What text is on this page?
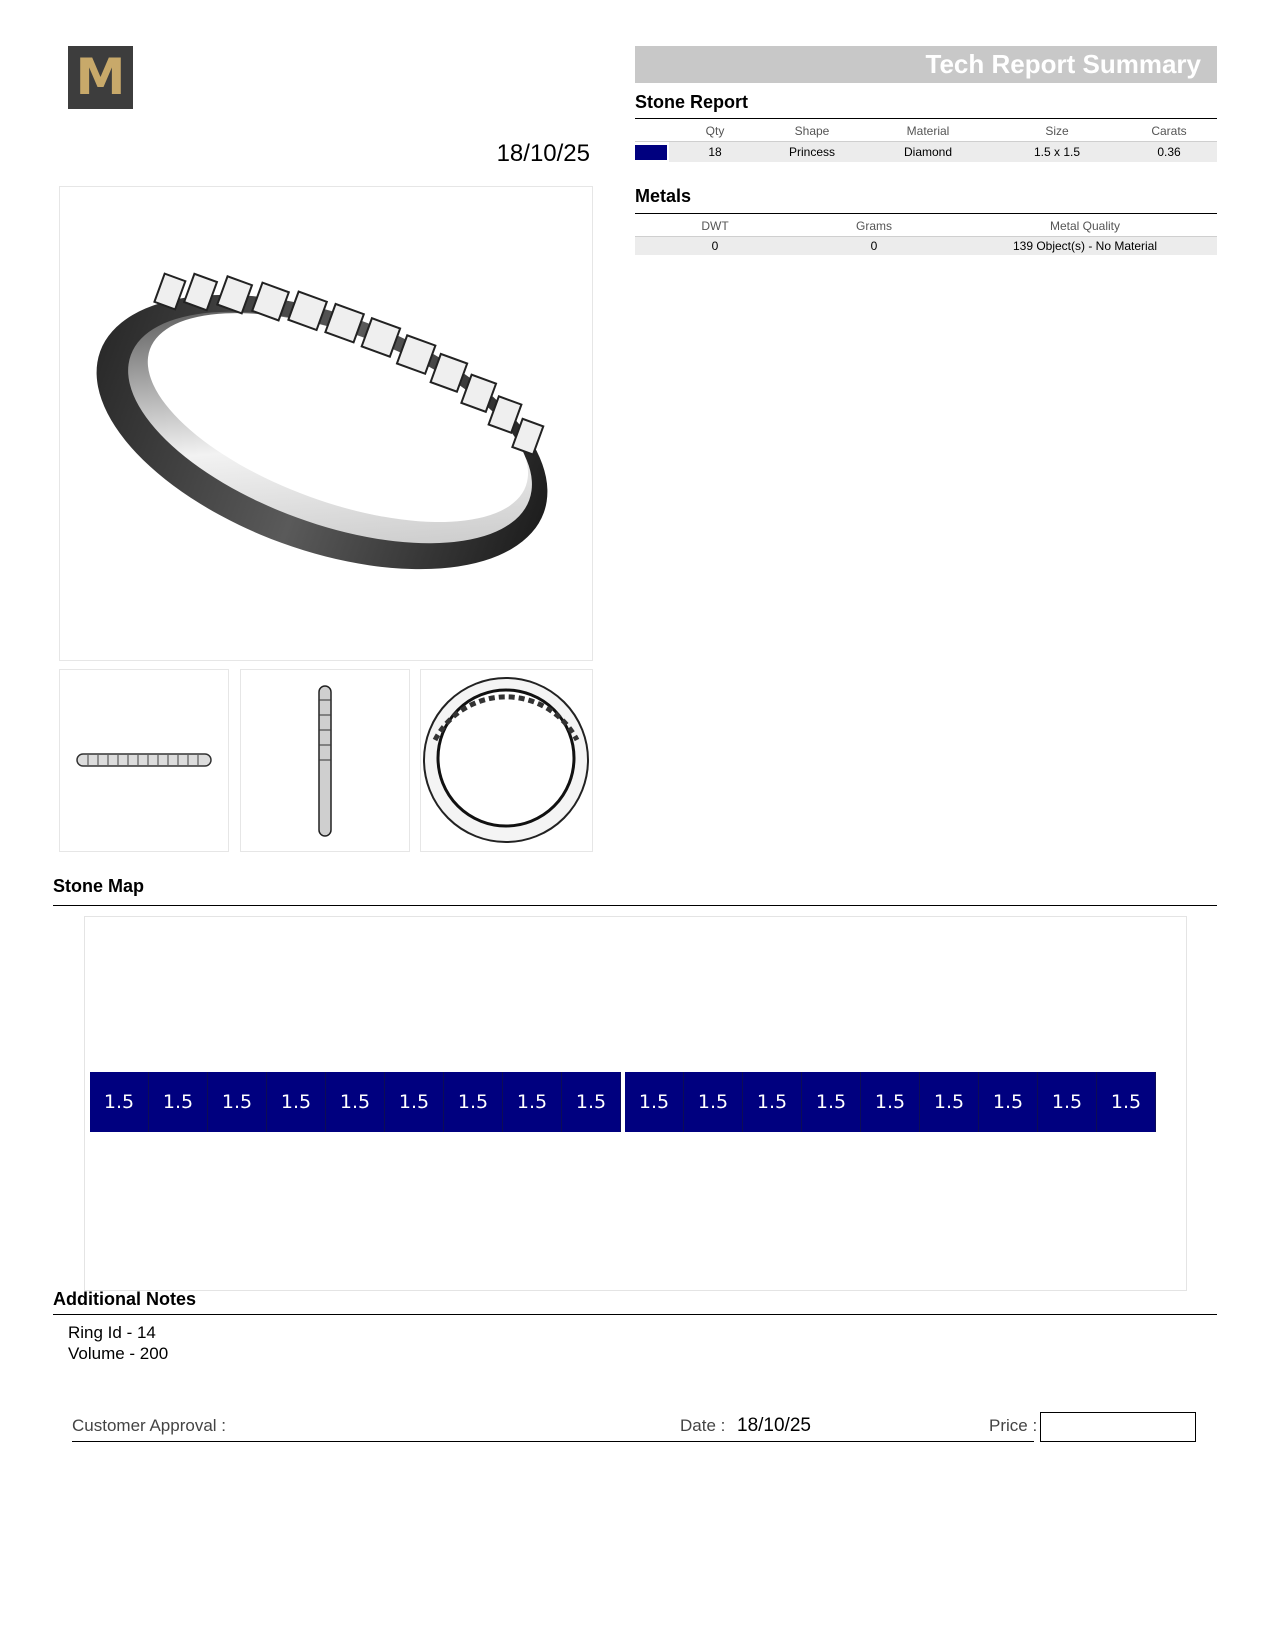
M
18/10/25
Tech Report Summary
Stone Report
	Qty	Shape	Material	Size	Carats

	18	Princess	Diamond	1.5 x 1.5	0.36
Metals
DWT	Grams	Metal Quality
0	0	139 Object(s) - No Material
Stone Map
1.5	1.5	1.5	1.5	1.5	1.5	1.5	1.5	1.5	1.5	1.5	1.5	1.5	1.5	1.5	1.5	1.5	1.5
Additional Notes
Ring Id - 14
Volume - 200
Customer Approval :	Date : 18/10/25	Price :
